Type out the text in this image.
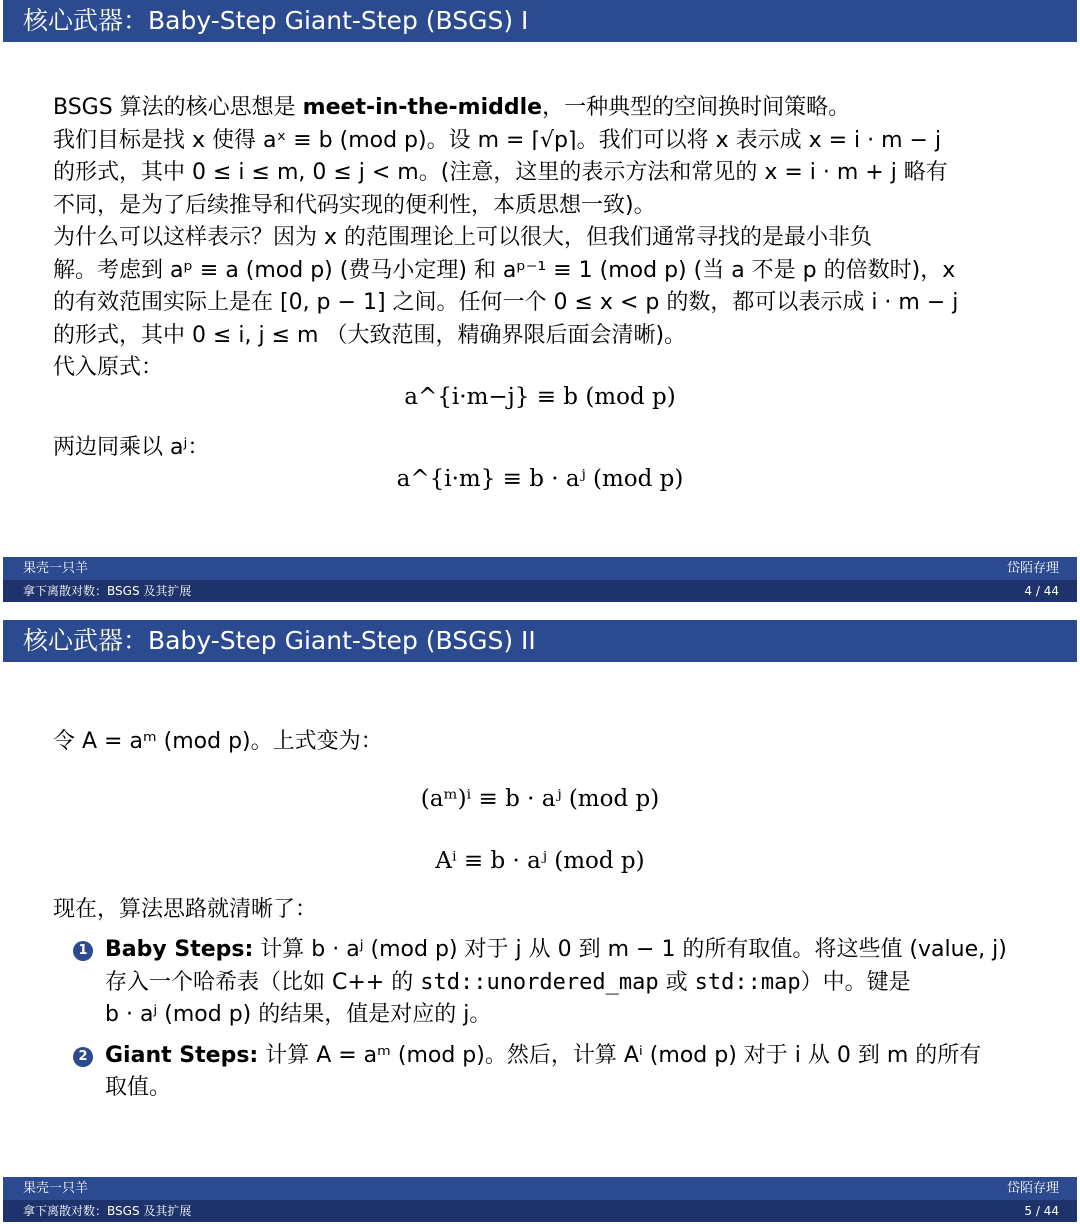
核心武器：Baby-Step Giant-Step (BSGS) I
BSGS 算法的核心思想是 meet-in-the-middle，一种典型的空间换时间策略。
我们目标是找 x 使得 aˣ ≡ b (mod p)。设 m = ⌈√p⌉。我们可以将 x 表示成 x = i · m − j
的形式，其中 0 ≤ i ≤ m, 0 ≤ j < m。(注意，这里的表示方法和常见的 x = i · m + j 略有
不同，是为了后续推导和代码实现的便利性，本质思想一致)。
为什么可以这样表示？因为 x 的范围理论上可以很大，但我们通常寻找的是最小非负
解。考虑到 aᵖ ≡ a (mod p) (费马小定理) 和 aᵖ⁻¹ ≡ 1 (mod p) (当 a 不是 p 的倍数时)，x
的有效范围实际上是在 [0, p − 1] 之间。任何一个 0 ≤ x < p 的数，都可以表示成 i · m − j
的形式，其中 0 ≤ i, j ≤ m （大致范围，精确界限后面会清晰)。
代入原式：
a^{i·m−j} ≡ b (mod p)
两边同乘以 aʲ：
a^{i·m} ≡ b · aʲ (mod p)
果壳一只羊	岱陌存理
拿下离散对数：BSGS 及其扩展	4 / 44
核心武器：Baby-Step Giant-Step (BSGS) II
令 A = aᵐ (mod p)。上式变为：
(aᵐ)ⁱ ≡ b · aʲ (mod p)
Aⁱ ≡ b · aʲ (mod p)
现在，算法思路就清晰了：
1 Baby Steps: 计算 b · aʲ (mod p) 对于 j 从 0 到 m − 1 的所有取值。将这些值 (value, j)
存入一个哈希表（比如 C++ 的 std::unordered_map 或 std::map）中。键是
b · aʲ (mod p) 的结果，值是对应的 j。
2 Giant Steps: 计算 A = aᵐ (mod p)。然后，计算 Aⁱ (mod p) 对于 i 从 0 到 m 的所有
取值。
果壳一只羊	岱陌存理
拿下离散对数：BSGS 及其扩展	5 / 44
